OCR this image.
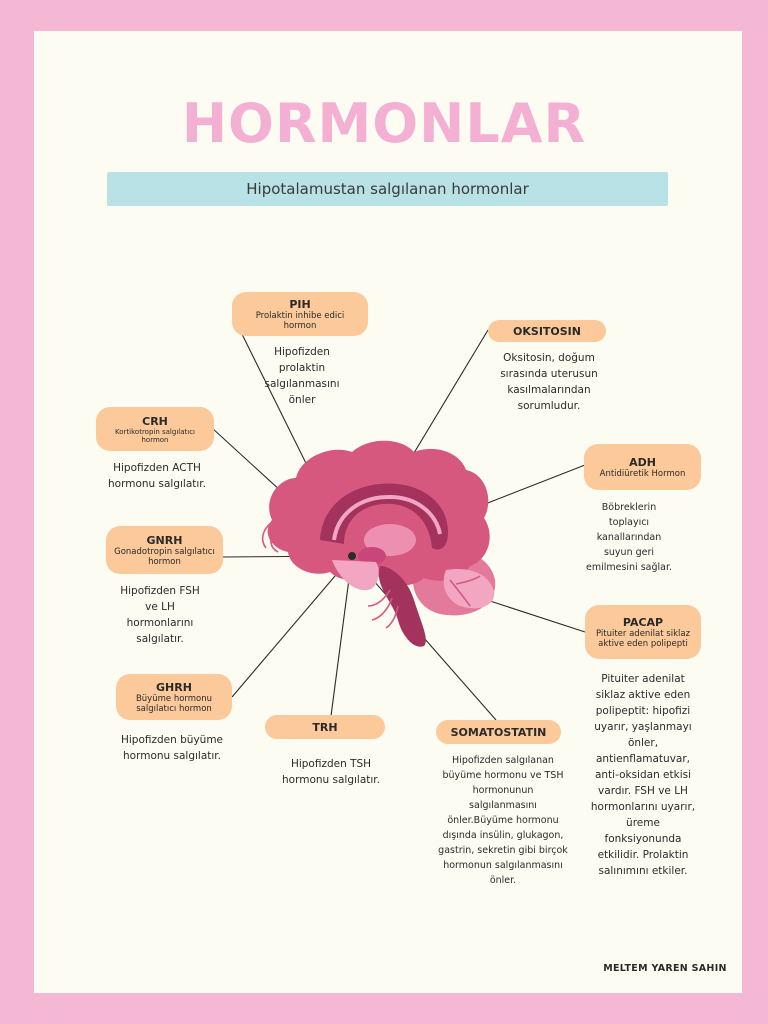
HORMONLAR
Hipotalamustan salgılanan hormonlar
PIH
Prolaktin inhibe edici hormon
Hipofizden prolaktin salgılanmasını önler
OKSITOSIN
Oksitosin, doğum sırasında uterusun kasılmalarından sorumludur.
CRH
Kortikotropin salgılatıcı hormon
Hipofizden ACTH hormonu salgılatır.
ADH
Antidiüretik Hormon
Böbreklerin toplayıcı kanallarından suyun geri emilmesini sağlar.
GNRH
Gonadotropin salgılatıcı hormon
Hipofizden FSH ve LH hormonlarını salgılatır.
PACAP
Pituiter adenilat siklaz aktive eden polipepti
Pituiter adenilat siklaz aktive eden polipeptit: hipofizi uyarır, yaşlanmayı önler, antienflamatuvar, anti-oksidan etkisi vardır. FSH ve LH hormonlarını uyarır, üreme fonksiyonunda etkilidir. Prolaktin salınımını etkiler.
GHRH
Büyüme hormonu salgılatıcı hormon
Hipofizden büyüme hormonu salgılatır.
TRH
Hipofizden TSH hormonu salgılatır.
SOMATOSTATIN
Hipofizden salgılanan büyüme hormonu ve TSH hormonunun salgılanmasını önler.Büyüme hormonu dışında insülin, glukagon, gastrin, sekretin gibi birçok hormonun salgılanmasını önler.
MELTEM YAREN SAHIN
